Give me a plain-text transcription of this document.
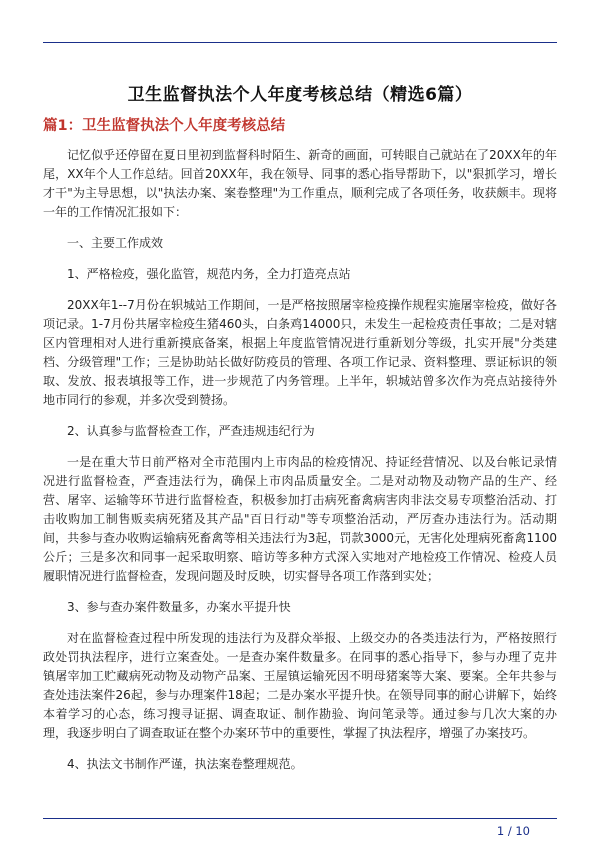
卫生监督执法个人年度考核总结（精选6篇）
篇1：卫生监督执法个人年度考核总结

记忆似乎还停留在夏日里初到监督科时陌生、新奇的画面，可转眼自己就站在了20XX年的年尾，XX年个人工作总结。回首20XX年，我在领导、同事的悉心指导帮助下，以"狠抓学习，增长才干"为主导思想，以"执法办案、案卷整理"为工作重点，顺利完成了各项任务，收获颇丰。现将一年的工作情况汇报如下：

一、主要工作成效

1、严格检疫，强化监管，规范内务，全力打造亮点站

20XX年1--7月份在轵城站工作期间，一是严格按照屠宰检疫操作规程实施屠宰检疫，做好各项记录。1-7月份共屠宰检疫生猪460头，白条鸡14000只，未发生一起检疫责任事故；二是对辖区内管理相对人进行重新摸底备案，根据上年度监管情况进行重新划分等级，扎实开展"分类建档、分级管理"工作；三是协助站长做好防疫员的管理、各项工作记录、资料整理、票证标识的领取、发放、报表填报等工作，进一步规范了内务管理。上半年，轵城站曾多次作为亮点站接待外地市同行的参观，并多次受到赞扬。

2、认真参与监督检查工作，严查违规违纪行为

一是在重大节日前严格对全市范围内上市肉品的检疫情况、持证经营情况、以及台帐记录情况进行监督检查，严查违法行为，确保上市肉品质量安全。二是对动物及动物产品的生产、经营、屠宰、运输等环节进行监督检查，积极参加打击病死畜禽病害肉非法交易专项整治活动、打击收购加工制售贩卖病死猪及其产品"百日行动"等专项整治活动，严厉查办违法行为。活动期间，共参与查办收购运输病死畜禽等相关违法行为3起，罚款3000元，无害化处理病死畜禽1100公斤；三是多次和同事一起采取明察、暗访等多种方式深入实地对产地检疫工作情况、检疫人员履职情况进行监督检查，发现问题及时反映，切实督导各项工作落到实处；

3、参与查办案件数量多，办案水平提升快

对在监督检查过程中所发现的违法行为及群众举报、上级交办的各类违法行为，严格按照行政处罚执法程序，进行立案查处。一是查办案件数量多。在同事的悉心指导下，参与办理了克井镇屠宰加工贮藏病死动物及动物产品案、王屋镇运输死因不明母猪案等大案、要案。全年共参与查处违法案件26起，参与办理案件18起；二是办案水平提升快。在领导同事的耐心讲解下，始终本着学习的心态，练习搜寻证据、调查取证、制作勘验、询问笔录等。通过参与几次大案的办理，我逐步明白了调查取证在整个办案环节中的重要性，掌握了执法程序，增强了办案技巧。

4、执法文书制作严谨，执法案卷整理规范。

1 / 10
